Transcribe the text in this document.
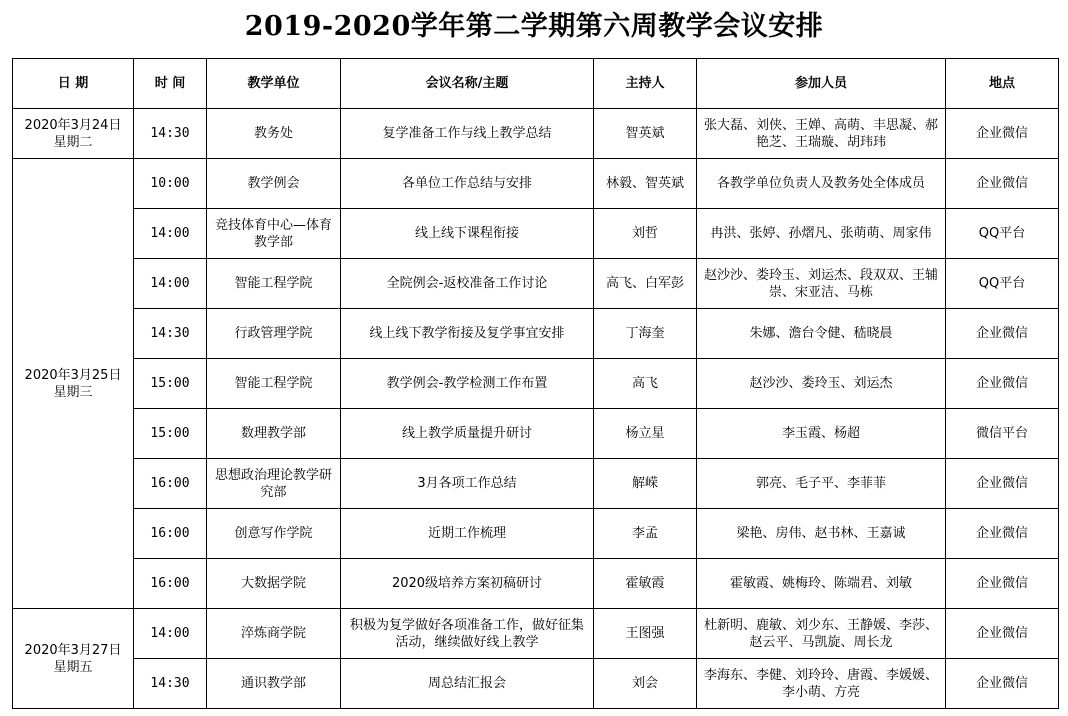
2019-2020学年第二学期第六周教学会议安排
日 期	时 间	教学单位	会议名称/主题	主持人	参加人员	地点

2020年3月24日
星期二	14:30	教务处	复学准备工作与线上教学总结	智英斌	张大磊、刘侠、王婵、高萌、丰思凝、郝艳芝、王瑞璇、胡玮玮	企业微信

2020年3月25日
星期三	10:00	教学例会	各单位工作总结与安排	林毅、智英斌	各教学单位负责人及教务处全体成员	企业微信
	14:00	竞技体育中心—体育教学部	线上线下课程衔接	刘哲	冉洪、张婷、孙熠凡、张萌萌、周家伟	QQ平台
	14:00	智能工程学院	全院例会-返校准备工作讨论	高飞、白军彭	赵沙沙、娄玲玉、刘运杰、段双双、王辅崇、宋亚洁、马栋	QQ平台
	14:30	行政管理学院	线上线下教学衔接及复学事宜安排	丁海奎	朱娜、澹台令健、嵇晓晨	企业微信
	15:00	智能工程学院	教学例会-教学检测工作布置	高飞	赵沙沙、娄玲玉、刘运杰	企业微信
	15:00	数理教学部	线上教学质量提升研讨	杨立星	李玉霞、杨超	微信平台
	16:00	思想政治理论教学研究部	3月各项工作总结	解嵘	郭亮、毛子平、李菲菲	企业微信
	16:00	创意写作学院	近期工作梳理	李孟	梁艳、房伟、赵书林、王嘉诚	企业微信
	16:00	大数据学院	2020级培养方案初稿研讨	霍敏霞	霍敏霞、姚梅玲、陈端君、刘敏	企业微信

2020年3月27日
星期五	14:00	淬炼商学院	积极为复学做好各项准备工作，做好征集活动，继续做好线上教学	王图强	杜新明、鹿敏、刘少东、王静媛、李莎、赵云平、马凯旋、周长龙	企业微信
	14:30	通识教学部	周总结汇报会	刘会	李海东、李健、刘玲玲、唐霞、李媛媛、李小萌、方亮	企业微信
